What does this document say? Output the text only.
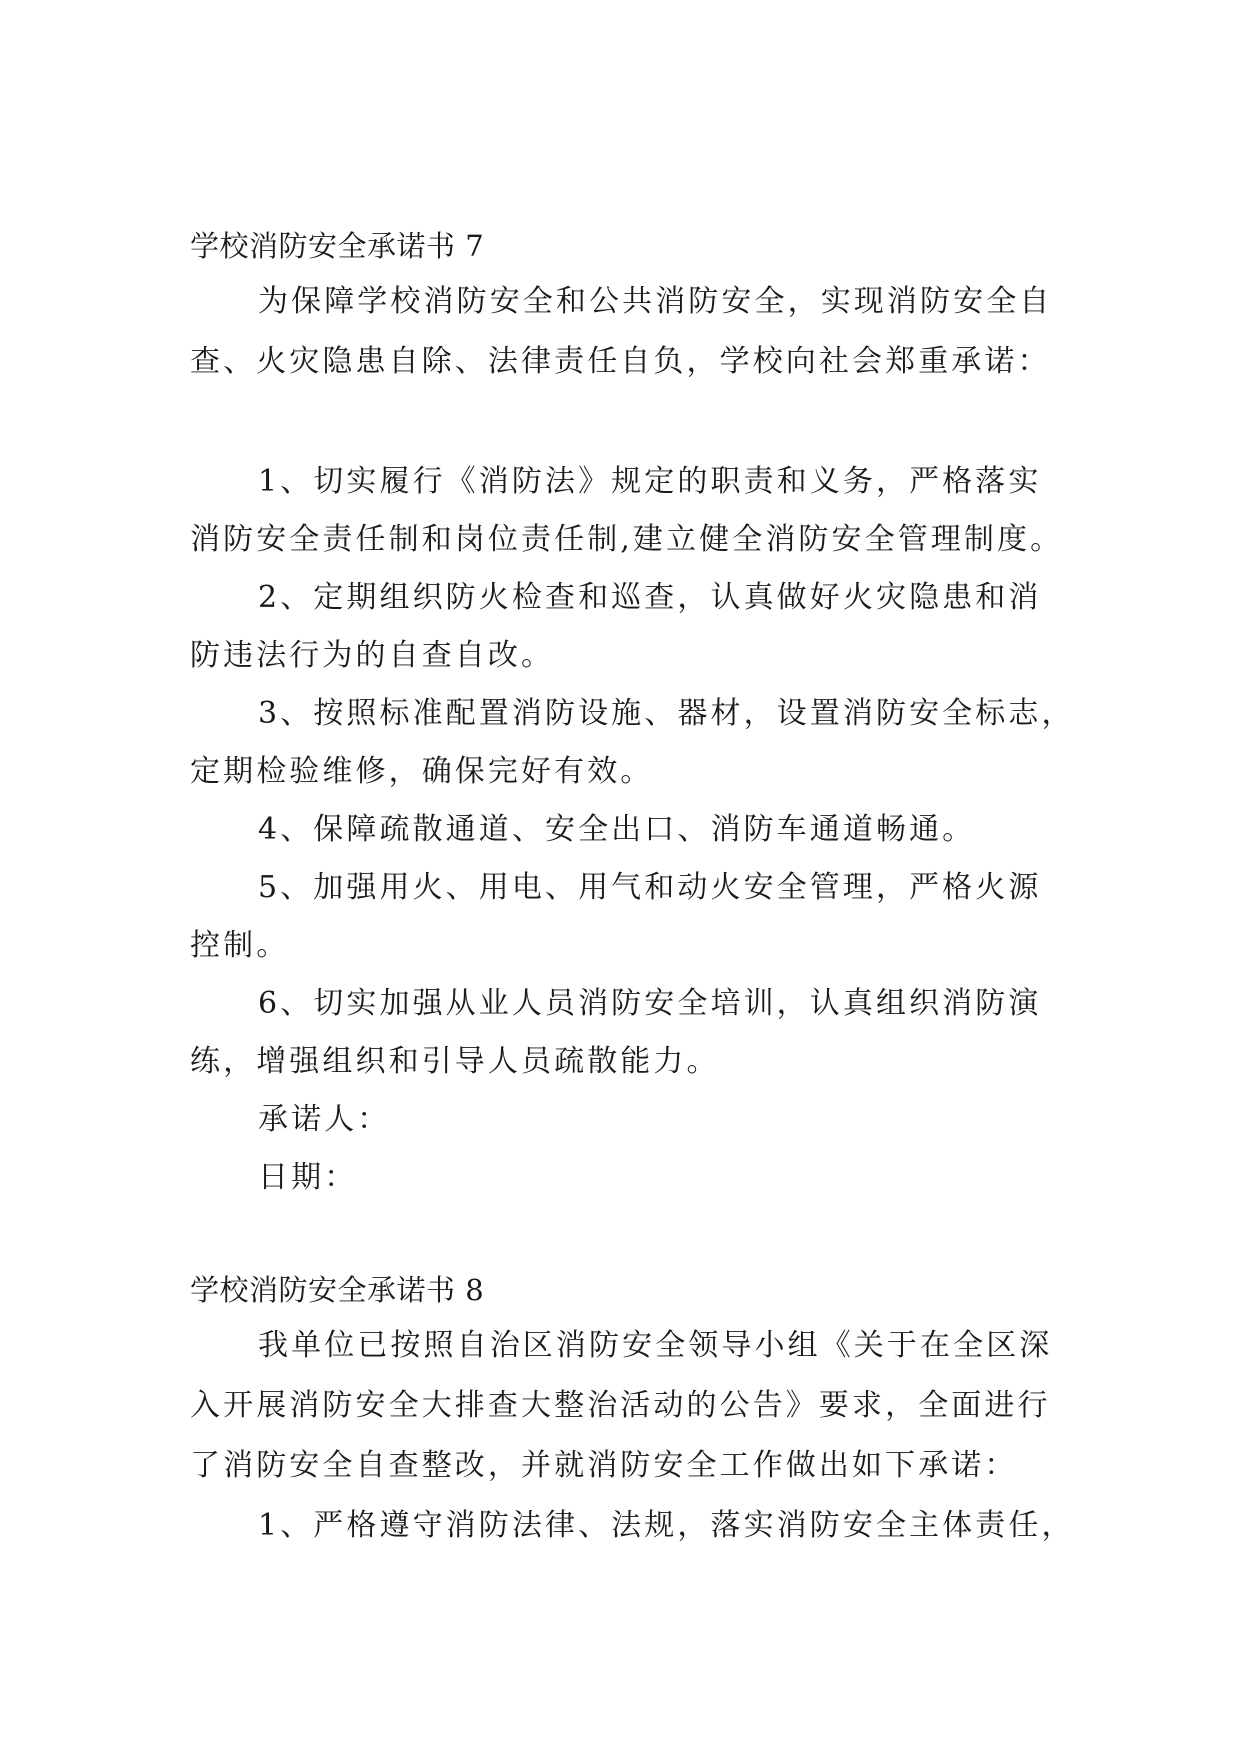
学校消防安全承诺书 7
为保障学校消防安全和公共消防安全，实现消防安全自
查、火灾隐患自除、法律责任自负，学校向社会郑重承诺：
1、切实履行《消防法》规定的职责和义务，严格落实
消防安全责任制和岗位责任制,建立健全消防安全管理制度。
2、定期组织防火检查和巡查，认真做好火灾隐患和消
防违法行为的自查自改。
3、按照标准配置消防设施、器材，设置消防安全标志，
定期检验维修，确保完好有效。
4、保障疏散通道、安全出口、消防车通道畅通。
5、加强用火、用电、用气和动火安全管理，严格火源
控制。
6、切实加强从业人员消防安全培训，认真组织消防演
练，增强组织和引导人员疏散能力。
承诺人：
日期：
学校消防安全承诺书 8
我单位已按照自治区消防安全领导小组《关于在全区深
入开展消防安全大排查大整治活动的公告》要求，全面进行
了消防安全自查整改，并就消防安全工作做出如下承诺：
1、严格遵守消防法律、法规，落实消防安全主体责任，
